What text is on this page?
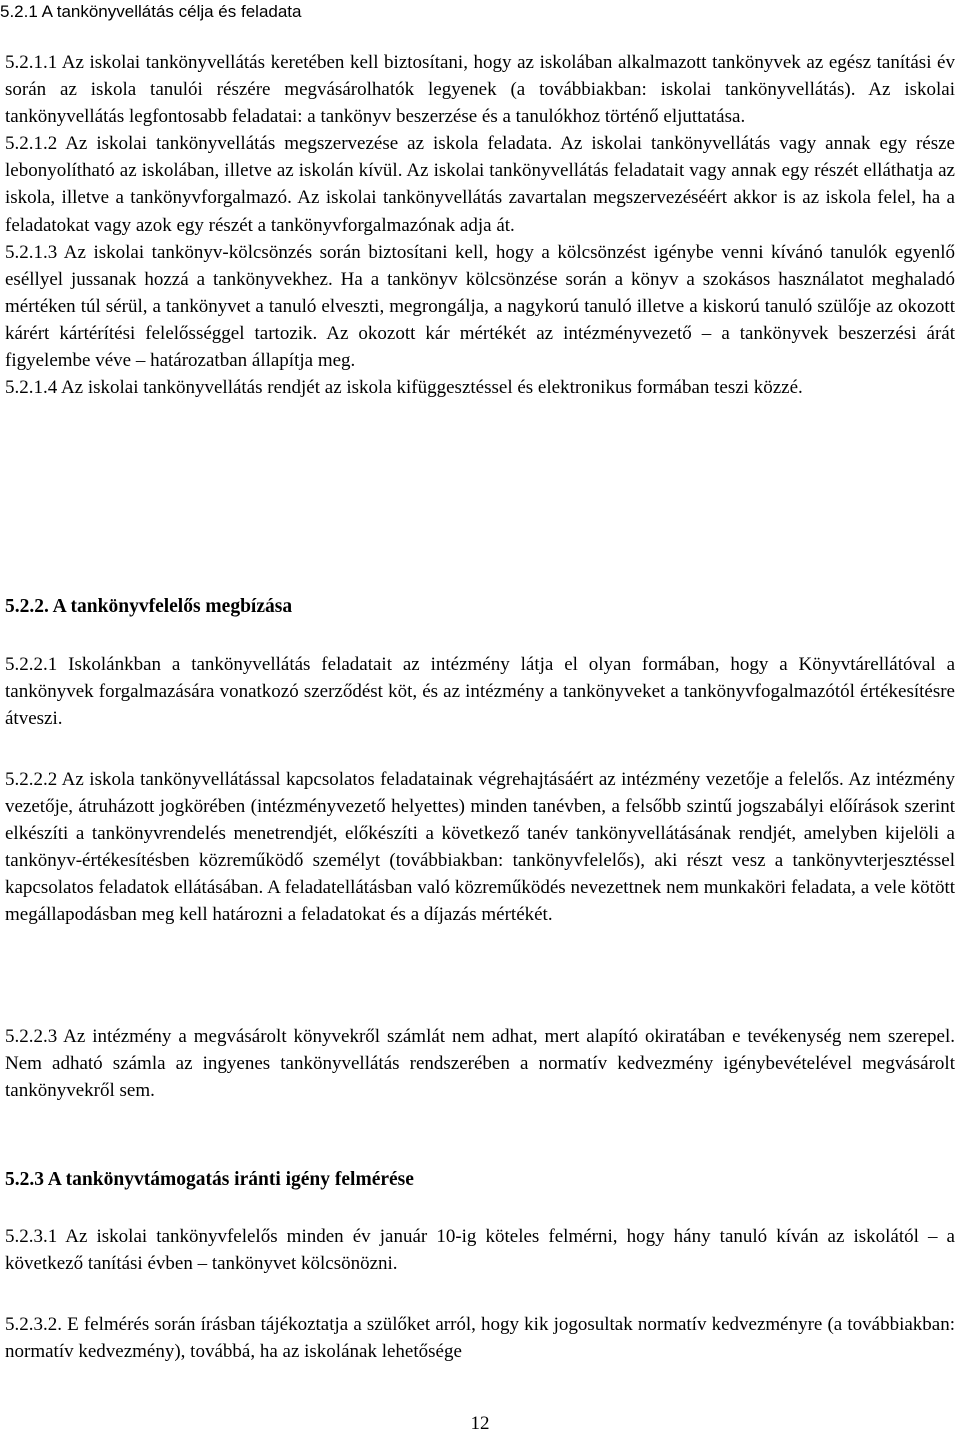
5.2.1 A tankönyvellátás célja és feladata

5.2.1.1 Az iskolai tankönyvellátás keretében kell biztosítani, hogy az iskolában alkalmazott tankönyvek az egész tanítási év során az iskola tanulói részére megvásárolhatók legyenek (a továbbiakban: iskolai tankönyvellátás). Az iskolai tankönyvellátás legfontosabb feladatai: a tankönyv beszerzése és a tanulókhoz történő eljuttatása.

5.2.1.2 Az iskolai tankönyvellátás megszervezése az iskola feladata. Az iskolai tankönyvellátás vagy annak egy része lebonyolítható az iskolában, illetve az iskolán kívül. Az iskolai tankönyvellátás feladatait vagy annak egy részét elláthatja az iskola, illetve a tankönyvforgalmazó. Az iskolai tankönyvellátás zavartalan megszervezéséért akkor is az iskola felel, ha a feladatokat vagy azok egy részét a tankönyvforgalmazónak adja át.

5.2.1.3 Az iskolai tankönyv-kölcsönzés során biztosítani kell, hogy a kölcsönzést igénybe venni kívánó tanulók egyenlő eséllyel jussanak hozzá a tankönyvekhez. Ha a tankönyv kölcsönzése során a könyv a szokásos használatot meghaladó mértéken túl sérül, a tankönyvet a tanuló elveszti, megrongálja, a nagykorú tanuló illetve a kiskorú tanuló szülője az okozott kárért kártérítési felelősséggel tartozik. Az okozott kár mértékét az intézményvezető – a tankönyvek beszerzési árát figyelembe véve – határozatban állapítja meg.

5.2.1.4 Az iskolai tankönyvellátás rendjét az iskola kifüggesztéssel és elektronikus formában teszi közzé.

5.2.2. A tankönyvfelelős megbízása

5.2.2.1 Iskolánkban a tankönyvellátás feladatait az intézmény látja el olyan formában, hogy a Könyvtárellátóval a tankönyvek forgalmazására vonatkozó szerződést köt, és az intézmény a tankönyveket a tankönyvfogalmazótól értékesítésre átveszi.

5.2.2.2 Az iskola tankönyvellátással kapcsolatos feladatainak végrehajtásáért az intézmény vezetője a felelős. Az intézmény vezetője, átruházott jogkörében (intézményvezető helyettes) minden tanévben, a felsőbb szintű jogszabályi előírások szerint elkészíti a tankönyvrendelés menetrendjét, előkészíti a következő tanév tankönyvellátásának rendjét, amelyben kijelöli a tankönyv-értékesítésben közreműködő személyt (továbbiakban: tankönyvfelelős), aki részt vesz a tankönyvterjesztéssel kapcsolatos feladatok ellátásában. A feladatellátásban való közreműködés nevezettnek nem munkaköri feladata, a vele kötött megállapodásban meg kell határozni a feladatokat és a díjazás mértékét.

5.2.2.3 Az intézmény a megvásárolt könyvekről számlát nem adhat, mert alapító okiratában e tevékenység nem szerepel. Nem adható számla az ingyenes tankönyvellátás rendszerében a normatív kedvezmény igénybevételével megvásárolt tankönyvekről sem.

5.2.3 A tankönyvtámogatás iránti igény felmérése

5.2.3.1 Az iskolai tankönyvfelelős minden év január 10-ig köteles felmérni, hogy hány tanuló kíván az iskolától – a következő tanítási évben – tankönyvet kölcsönözni.

5.2.3.2. E felmérés során írásban tájékoztatja a szülőket arról, hogy kik jogosultak normatív kedvezményre (a továbbiakban: normatív kedvezmény), továbbá, ha az iskolának lehetősége

12
